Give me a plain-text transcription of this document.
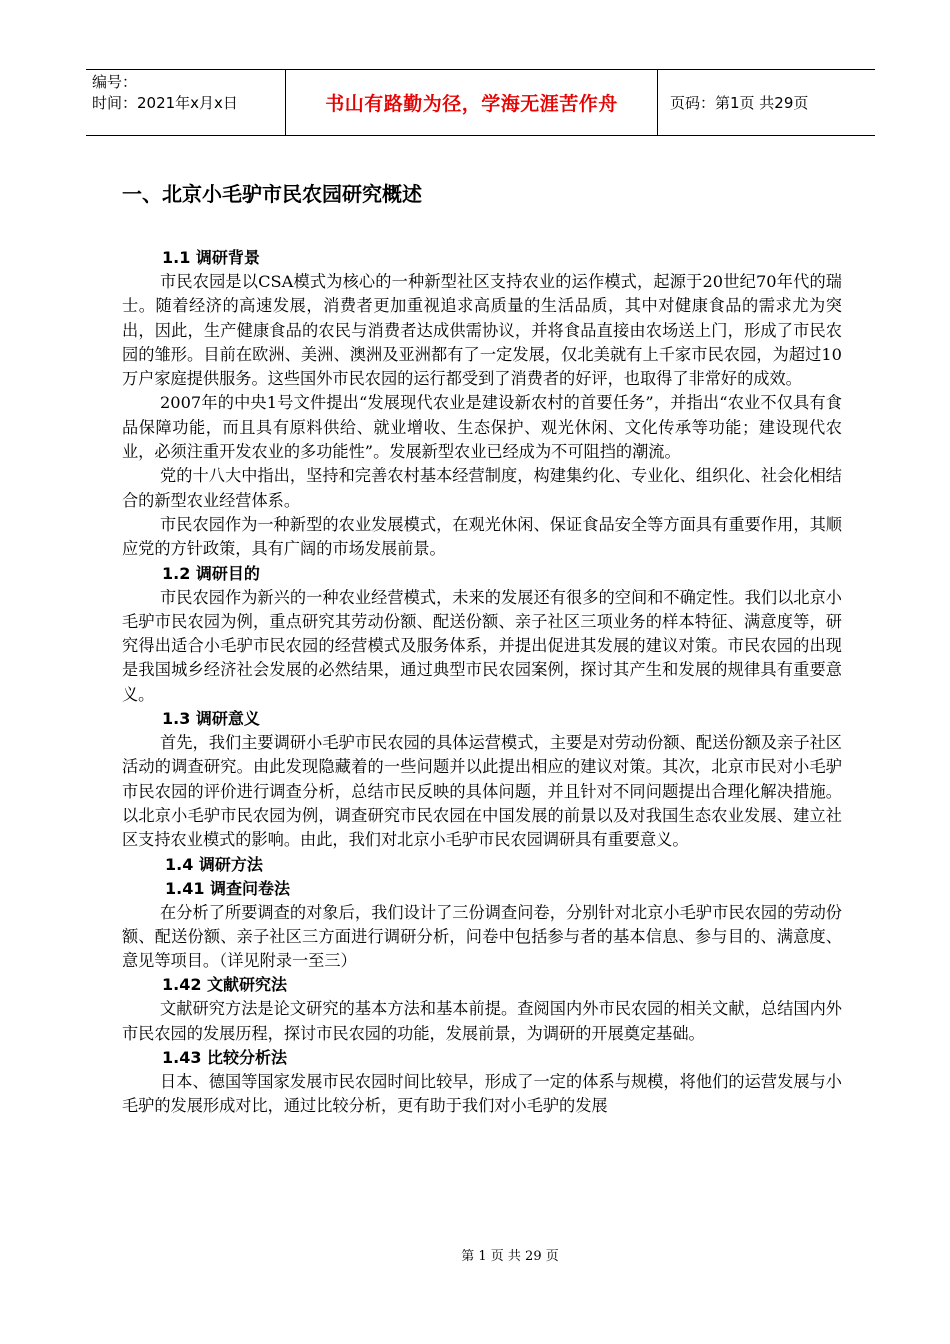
编号：
时间：2021年x月x日	书山有路勤为径，学海无涯苦作舟	页码：第1页 共29页
一、北京小毛驴市民农园研究概述
1.1 调研背景

市民农园是以CSA模式为核心的一种新型社区支持农业的运作模式，起源于20世纪70年代的瑞士。随着经济的高速发展，消费者更加重视追求高质量的生活品质，其中对健康食品的需求尤为突出，因此，生产健康食品的农民与消费者达成供需协议，并将食品直接由农场送上门，形成了市民农园的雏形。目前在欧洲、美洲、澳洲及亚洲都有了一定发展，仅北美就有上千家市民农园，为超过10万户家庭提供服务。这些国外市民农园的运行都受到了消费者的好评，也取得了非常好的成效。

2007年的中央1号文件提出“发展现代农业是建设新农村的首要任务”，并指出“农业不仅具有食品保障功能，而且具有原料供给、就业增收、生态保护、观光休闲、文化传承等功能；建设现代农业，必须注重开发农业的多功能性”。发展新型农业已经成为不可阻挡的潮流。

党的十八大中指出，坚持和完善农村基本经营制度，构建集约化、专业化、组织化、社会化相结合的新型农业经营体系。

市民农园作为一种新型的农业发展模式，在观光休闲、保证食品安全等方面具有重要作用，其顺应党的方针政策，具有广阔的市场发展前景。

1.2 调研目的

市民农园作为新兴的一种农业经营模式，未来的发展还有很多的空间和不确定性。我们以北京小毛驴市民农园为例，重点研究其劳动份额、配送份额、亲子社区三项业务的样本特征、满意度等，研究得出适合小毛驴市民农园的经营模式及服务体系，并提出促进其发展的建议对策。市民农园的出现是我国城乡经济社会发展的必然结果，通过典型市民农园案例，探讨其产生和发展的规律具有重要意义。

1.3 调研意义

首先，我们主要调研小毛驴市民农园的具体运营模式，主要是对劳动份额、配送份额及亲子社区活动的调查研究。由此发现隐藏着的一些问题并以此提出相应的建议对策。其次，北京市民对小毛驴市民农园的评价进行调查分析，总结市民反映的具体问题，并且针对不同问题提出合理化解决措施。以北京小毛驴市民农园为例，调查研究市民农园在中国发展的前景以及对我国生态农业发展、建立社区支持农业模式的影响。由此，我们对北京小毛驴市民农园调研具有重要意义。

1.4 调研方法
1.41 调查问卷法

在分析了所要调查的对象后，我们设计了三份调查问卷，分别针对北京小毛驴市民农园的劳动份额、配送份额、亲子社区三方面进行调研分析，问卷中包括参与者的基本信息、参与目的、满意度、意见等项目。（详见附录一至三）

1.42 文献研究法

文献研究方法是论文研究的基本方法和基本前提。查阅国内外市民农园的相关文献，总结国内外市民农园的发展历程，探讨市民农园的功能，发展前景，为调研的开展奠定基础。

1.43 比较分析法

日本、德国等国家发展市民农园时间比较早，形成了一定的体系与规模，将他们的运营发展与小毛驴的发展形成对比，通过比较分析，更有助于我们对小毛驴的发展

第 1 页 共 29 页
